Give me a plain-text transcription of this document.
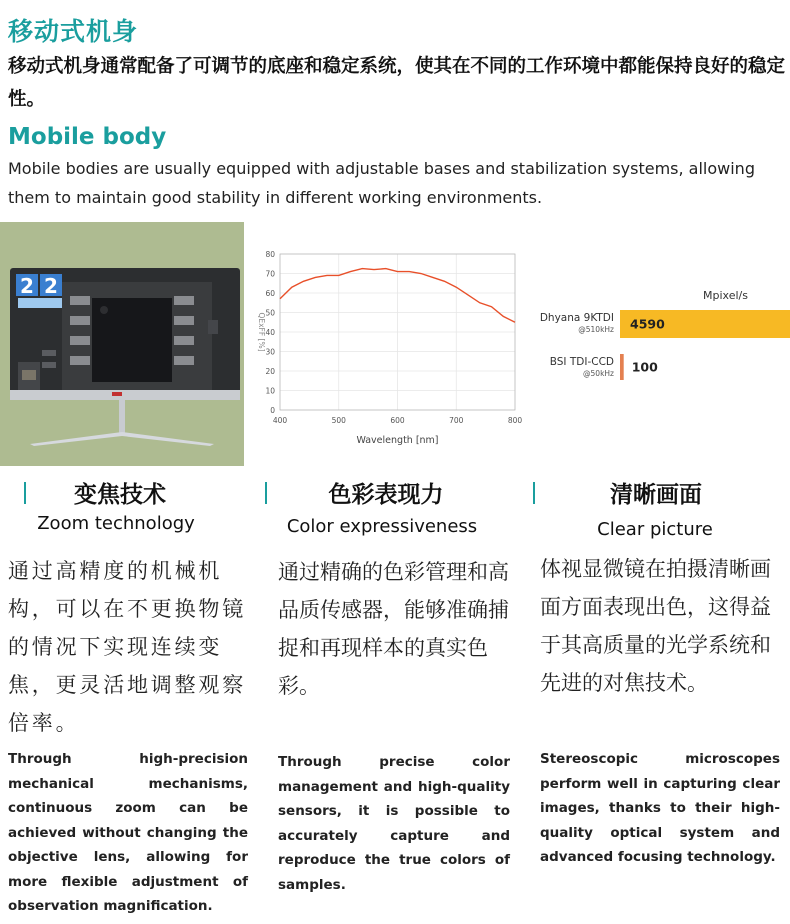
移动式机身
移动式机身通常配备了可调节的底座和稳定系统，使其在不同的工作环境中都能保持良好的稳定性。
Mobile body
Mobile bodies are usually equipped with adjustable bases and stabilization systems, allowing them to maintain good stability in different working environments.
2 2
0
10
20
30
40
50
60
70
80
400	500	600	700	800
Wavelength [nm]
QExFF [%]
Mpixel/s
4590
Dhyana 9KTDI
@510kHz
100
BSI TDI-CCD
@50kHz
变焦技术
Zoom technology
通过高精度的机械机构，可以在不更换物镜的情况下实现连续变焦，更灵活地调整观察倍率。
Through high-precision mechanical mechanisms, continuous zoom can be achieved without changing the objective lens, allowing for more flexible adjustment of observation magnification.
色彩表现力
Color expressiveness
通过精确的色彩管理和高品质传感器，能够准确捕捉和再现样本的真实色彩。
Through precise color management and high-quality sensors, it is possible to accurately capture and reproduce the true colors of samples.
清晰画面
Clear picture
体视显微镜在拍摄清晰画面方面表现出色，这得益于其高质量的光学系统和先进的对焦技术。
Stereoscopic microscopes perform well in capturing clear images, thanks to their high-quality optical system and advanced focusing technology.
